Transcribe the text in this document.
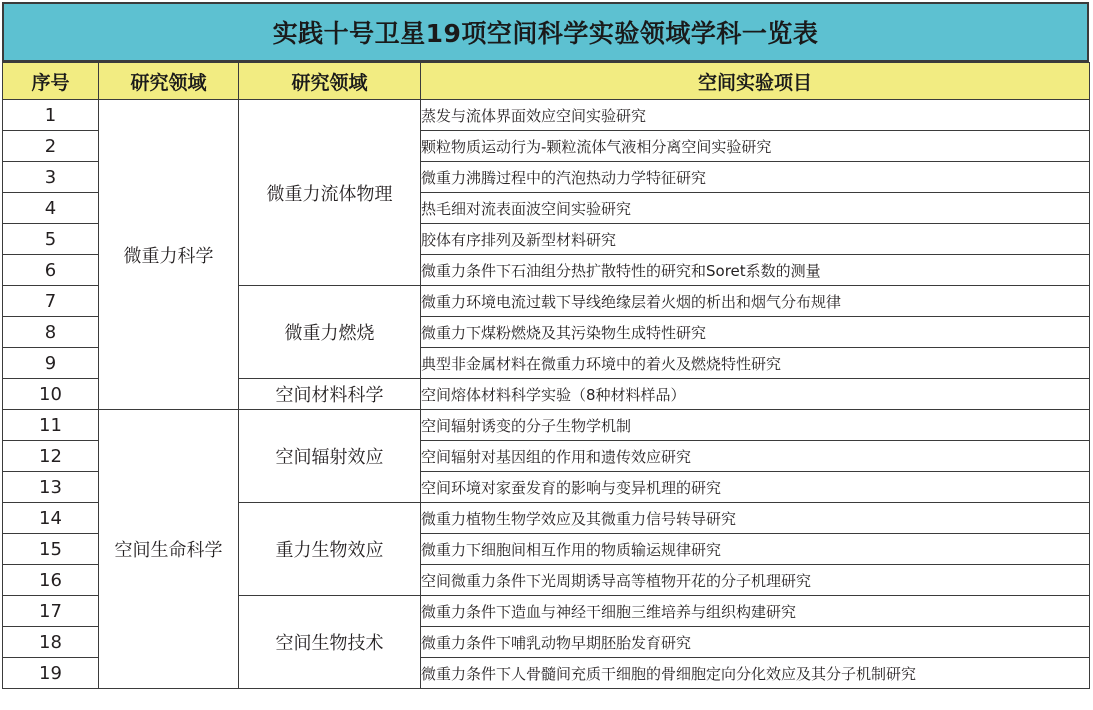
实践十号卫星19项空间科学实验领域学科一览表
序号	研究领域	研究领域	空间实验项目
1	微重力科学	微重力流体物理	蒸发与流体界面效应空间实验研究
2			颗粒物质运动行为-颗粒流体气液相分离空间实验研究
3			微重力沸腾过程中的汽泡热动力学特征研究
4			热毛细对流表面波空间实验研究
5			胶体有序排列及新型材料研究
6			微重力条件下石油组分热扩散特性的研究和Soret系数的测量
7		微重力燃烧	微重力环境电流过载下导线绝缘层着火烟的析出和烟气分布规律
8			微重力下煤粉燃烧及其污染物生成特性研究
9			典型非金属材料在微重力环境中的着火及燃烧特性研究
10		空间材料科学	空间熔体材料科学实验（8种材料样品）
11	空间生命科学	空间辐射效应	空间辐射诱变的分子生物学机制
12			空间辐射对基因组的作用和遗传效应研究
13			空间环境对家蚕发育的影响与变异机理的研究
14		重力生物效应	微重力植物生物学效应及其微重力信号转导研究
15			微重力下细胞间相互作用的物质输运规律研究
16			空间微重力条件下光周期诱导高等植物开花的分子机理研究
17		空间生物技术	微重力条件下造血与神经干细胞三维培养与组织构建研究
18			微重力条件下哺乳动物早期胚胎发育研究
19			微重力条件下人骨髓间充质干细胞的骨细胞定向分化效应及其分子机制研究
